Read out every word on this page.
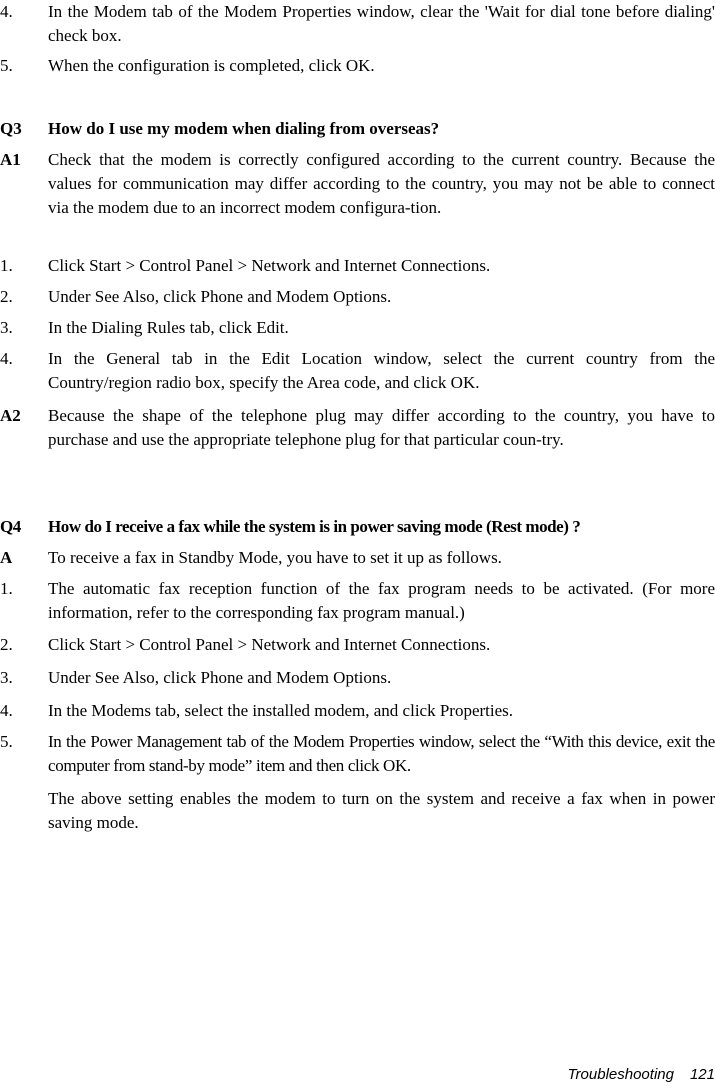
4.	In the Modem tab of the Modem Properties window, clear the 'Wait for dial tone before dialing' check box.
5.	When the configuration is completed, click OK.
Q3	How do I use my modem when dialing from overseas?
A1	Check that the modem is correctly configured according to the current country. Because the values for communication may differ according to the country, you may not be able to connect via the modem due to an incorrect modem configura-tion.
1.	Click Start > Control Panel > Network and Internet Connections.
2.	Under See Also, click Phone and Modem Options.
3.	In the Dialing Rules tab, click Edit.
4.	In the General tab in the Edit Location window, select the current country from the Country/region radio box, specify the Area code, and click OK.
A2	Because the shape of the telephone plug may differ according to the country, you have to purchase and use the appropriate telephone plug for that particular coun-try.
Q4	How do I receive a fax while the system is in power saving mode (Rest mode) ?
A	To receive a fax in Standby Mode, you have to set it up as follows.
1.	The automatic fax reception function of the fax program needs to be activated. (For more information, refer to the corresponding fax program manual.)
2.	Click Start > Control Panel > Network and Internet Connections.
3.	Under See Also, click Phone and Modem Options.
4.	In the Modems tab, select the installed modem, and click Properties.
5.	In the Power Management tab of the Modem Properties window, select the “With this device, exit the computer from stand-by mode” item and then click OK.
The above setting enables the modem to turn on the system and receive a fax when in power saving mode.
Troubleshooting 121
